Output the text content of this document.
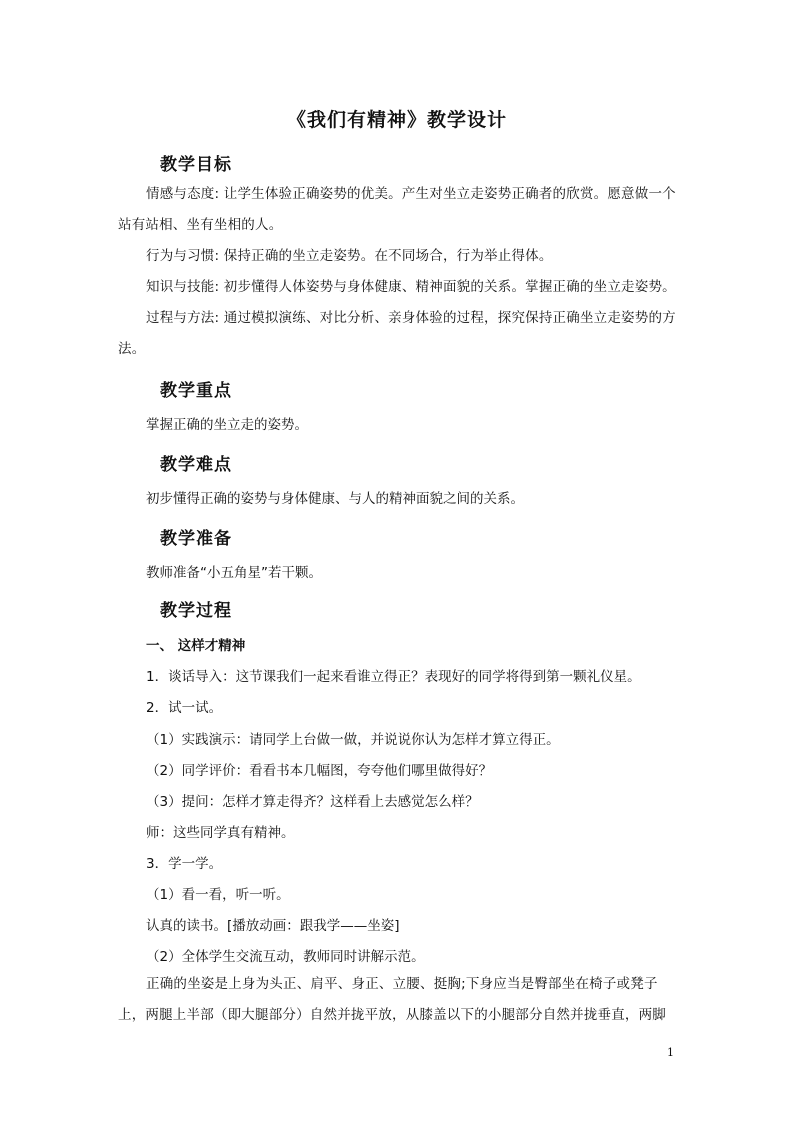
《我们有精神》教学设计
教学目标
情感与态度: 让学生体验正确姿势的优美。产生对坐立走姿势正确者的欣赏。愿意做一个站有站相、坐有坐相的人。
行为与习惯: 保持正确的坐立走姿势。在不同场合，行为举止得体。
知识与技能: 初步懂得人体姿势与身体健康、精神面貌的关系。掌握正确的坐立走姿势。
过程与方法: 通过模拟演练、对比分析、亲身体验的过程，探究保持正确坐立走姿势的方法。
教学重点
掌握正确的坐立走的姿势。
教学难点
初步懂得正确的姿势与身体健康、与人的精神面貌之间的关系。
教学准备
教师准备“小五角星”若干颗。
教学过程
一、 这样才精神
1．谈话导入：这节课我们一起来看谁立得正？表现好的同学将得到第一颗礼仪星。
2．试一试。
（1）实践演示：请同学上台做一做，并说说你认为怎样才算立得正。
（2）同学评价：看看书本几幅图，夸夸他们哪里做得好？
（3）提问：怎样才算走得齐？这样看上去感觉怎么样？
师：这些同学真有精神。
3．学一学。
（1）看一看，听一听。
认真的读书。[播放动画：跟我学——坐姿]
（2）全体学生交流互动，教师同时讲解示范。
正确的坐姿是上身为头正、肩平、身正、立腰、挺胸;下身应当是臀部坐在椅子或凳子上，两腿上半部（即大腿部分）自然并拢平放，从膝盖以下的小腿部分自然并拢垂直，两脚
1
